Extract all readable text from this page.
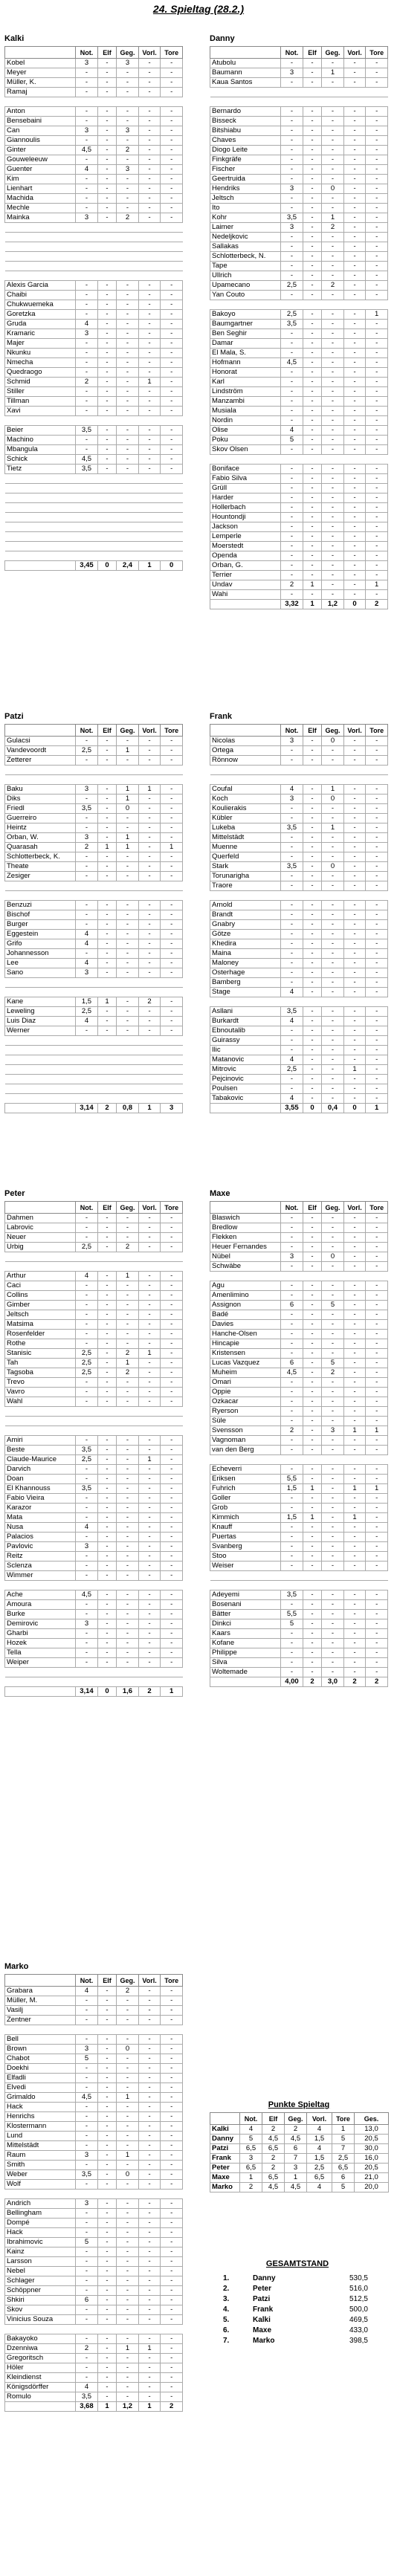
24. Spieltag (28.2.)
Kalki
	Not.	Elf	Geg.	Vorl.	Tore
Kobel	3	-	3	-	-
Meyer	-	-	-	-	-
Müller, K.	-	-	-	-	-
Ramaj	-	-	-	-	-

Anton	-	-	-	-	-
Bensebaini	-	-	-	-	-
Can	3	-	3	-	-
Giannoulis	-	-	-	-	-
Ginter	4,5	-	2	-	-
Gouweleeuw	-	-	-	-	-
Guenter	4	-	3	-	-
Kim	-	-	-	-	-
Lienhart	-	-	-	-	-
Machida	-	-	-	-	-
Mechle	-	-	-	-	-
Mainka	3	-	2	-	-

Alexis Garcia	-	-	-	-	-
Chaibi	-	-	-	-	-
Chukwuemeka	-	-	-	-	-
Goretzka	-	-	-	-	-
Gruda	4	-	-	-	-
Kramaric	3	-	-	-	-
Majer	-	-	-	-	-
Nkunku	-	-	-	-	-
Nmecha	-	-	-	-	-
Quedraogo	-	-	-	-	-
Schmid	2	-	-	1	-
Stiller	-	-	-	-	-
Tillman	-	-	-	-	-
Xavi	-	-	-	-	-

Beier	3,5	-	-	-	-
Machino	-	-	-	-	-
Mbangula	-	-	-	-	-
Schick	4,5	-	-	-	-
Tietz	3,5	-	-	-	-

	3,45	0	2,4	1	0
Danny
	Not.	Elf	Geg.	Vorl.	Tore
Atubolu	-	-	-	-	-
Baumann	3	-	1	-	-
Kaua Santos	-	-	-	-	-

Bernardo	-	-	-	-	-
Bisseck	-	-	-	-	-
Bitshiabu	-	-	-	-	-
Chaves	-	-	-	-	-
Diogo Leite	-	-	-	-	-
Finkgräfe	-	-	-	-	-
Fischer	-	-	-	-	-
Geertruida	-	-	-	-	-
Hendriks	3	-	0	-	-
Jeltsch	-	-	-	-	-
Ito	-	-	-	-	-
Kohr	3,5	-	1	-	-
Laimer	3	-	2	-	-
Nedeljkovic	-	-	-	-	-
Sallakas	-	-	-	-	-
Schlotterbeck, N.	-	-	-	-	-
Tape	-	-	-	-	-
Ullrich	-	-	-	-	-
Upamecano	2,5	-	2	-	-
Yan Couto	-	-	-	-	-

Bakoyo	2,5	-	-	-	1
Baumgartner	3,5	-	-	-	-
Ben Seghir	-	-	-	-	-
Damar	-	-	-	-	-
El Mala, S.	-	-	-	-	-
Hofmann	4,5	-	-	-	-
Honorat	-	-	-	-	-
Karl	-	-	-	-	-
Lindström	-	-	-	-	-
Manzambi	-	-	-	-	-
Musiala	-	-	-	-	-
Nordin	-	-	-	-	-
Olise	4	-	-	-	-
Poku	5	-	-	-	-
Skov Olsen	-	-	-	-	-

Boniface	-	-	-	-	-
Fabio Silva	-	-	-	-	-
Grüll	-	-	-	-	-
Harder	-	-	-	-	-
Hollerbach	-	-	-	-	-
Hountondji	-	-	-	-	-
Jackson	-	-	-	-	-
Lemperle	-	-	-	-	-
Moerstedt	-	-	-	-	-
Openda	-	-	-	-	-
Orban, G.	-	-	-	-	-
Terrier	-	-	-	-	-
Undav	2	1	-	-	1
Wahi	-	-	-	-	-
	3,32	1	1,2	0	2
Patzi
	Not.	Elf	Geg.	Vorl.	Tore
Gulacsi	-	-	-	-	-
Vandevoordt	2,5	-	1	-	-
Zetterer	-	-	-	-	-

Baku	3	-	1	1	-
Diks	-	-	1	-	-
Friedl	3,5	-	0	-	-
Guerreiro	-	-	-	-	-
Heintz	-	-	-	-	-
Orban, W.	3	-	1	-	-
Quarasah	2	1	1	-	1
Schlotterbeck, K.	-	-	-	-	-
Theate	-	-	-	-	-
Zesiger	-	-	-	-	-

Benzuzi	-	-	-	-	-
Bischof	-	-	-	-	-
Burger	-	-	-	-	-
Eggestein	4	-	-	-	-
Grifo	4	-	-	-	-
Johannesson	-	-	-	-	-
Lee	4	-	-	-	-
Sano	3	-	-	-	-

Kane	1,5	1	-	2	-
Leweling	2,5	-	-	-	-
Luis Diaz	4	-	-	-	-
Werner	-	-	-	-	-

	3,14	2	0,8	1	3
Frank
	Not.	Elf	Geg.	Vorl.	Tore
Nicolas	3	-	0	-	-
Ortega	-	-	-	-	-
Rönnow	-	-	-	-	-

Coufal	4	-	1	-	-
Koch	3	-	0	-	-
Koulierakis	-	-	-	-	-
Kübler	-	-	-	-	-
Lukeba	3,5	-	1	-	-
Mittelstädt	-	-	-	-	-
Muenne	-	-	-	-	-
Querfeld	-	-	-	-	-
Stark	3,5	-	0	-	-
Torunarigha	-	-	-	-	-
Traore	-	-	-	-	-

Arnold	-	-	-	-	-
Brandt	-	-	-	-	-
Gnabry	-	-	-	-	-
Götze	-	-	-	-	-
Khedira	-	-	-	-	-
Maina	-	-	-	-	-
Maloney	-	-	-	-	-
Osterhage	-	-	-	-	-
Bamberg	-	-	-	-	-
Stage	4	-	-	-	-

Asllani	3,5	-	-	-	-
Burkardt	4	-	-	-	-
Ebnoutalib	-	-	-	-	-
Guirassy	-	-	-	-	-
Ilic	-	-	-	-	-
Matanovic	4	-	-	-	-
Mitrovic	2,5	-	-	1	-
Pejcinovic	-	-	-	-	-
Poulsen	-	-	-	-	-
Tabakovic	4	-	-	-	-
	3,55	0	0,4	0	1
Peter
	Not.	Elf	Geg.	Vorl.	Tore
Dahmen	-	-	-	-	-
Labrovic	-	-	-	-	-
Neuer	-	-	-	-	-
Urbig	2,5	-	2	-	-

Arthur	4	-	1	-	-
Caci	-	-	-	-	-
Collins	-	-	-	-	-
Gimber	-	-	-	-	-
Jeltsch	-	-	-	-	-
Matsima	-	-	-	-	-
Rosenfelder	-	-	-	-	-
Rothe	-	-	-	-	-
Stanisic	2,5	-	2	1	-
Tah	2,5	-	1	-	-
Tagsoba	2,5	-	2	-	-
Trevo	-	-	-	-	-
Vavro	-	-	-	-	-
Wahl	-	-	-	-	-

Amiri	-	-	-	-	-
Beste	3,5	-	-	-	-
Claude-Maurice	2,5	-	-	1	-
Darvich	-	-	-	-	-
Doan	-	-	-	-	-
El Khannouss	3,5	-	-	-	-
Fabio Vieira	-	-	-	-	-
Karazor	-	-	-	-	-
Mata	-	-	-	-	-
Nusa	4	-	-	-	-
Palacios	-	-	-	-	-
Pavlovic	3	-	-	-	-
Reitz	-	-	-	-	-
Sclenza	-	-	-	-	-
Wimmer	-	-	-	-	-

Ache	4,5	-	-	-	-
Amoura	-	-	-	-	-
Burke	-	-	-	-	-
Demirovic	3	-	-	-	-
Gharbi	-	-	-	-	-
Hozek	-	-	-	-	-
Tella	-	-	-	-	-
Weiper	-	-	-	-	-

	3,14	0	1,6	2	1
Maxe
	Not.	Elf	Geg.	Vorl.	Tore
Blaswich	-	-	-	-	-
Bredlow	-	-	-	-	-
Flekken	-	-	-	-	-
Heuer Fernandes	-	-	-	-	-
Nübel	3	-	0	-	-
Schwäbe	-	-	-	-	-

Agu	-	-	-	-	-
Amenlimino	-	-	-	-	-
Assignon	6	-	5	-	-
Badé	-	-	-	-	-
Davies	-	-	-	-	-
Hanche-Olsen	-	-	-	-	-
Hincapie	-	-	-	-	-
Kristensen	-	-	-	-	-
Lucas Vazquez	6	-	5	-	-
Muheim	4,5	-	2	-	-
Omari	-	-	-	-	-
Oppie	-	-	-	-	-
Ozkacar	-	-	-	-	-
Ryerson	-	-	-	-	-
Süle	-	-	-	-	-
Svensson	2	-	3	1	1
Vagnoman	-	-	-	-	-
van den Berg	-	-	-	-	-

Echeverri	-	-	-	-	-
Eriksen	5,5	-	-	-	-
Fuhrich	1,5	1	-	1	1
Goller	-	-	-	-	-
Grob	-	-	-	-	-
Kimmich	1,5	1	-	1	-
Knauff	-	-	-	-	-
Puertas	-	-	-	-	-
Svanberg	-	-	-	-	-
Stoo	-	-	-	-	-
Weiser	-	-	-	-	-

Adeyemi	3,5	-	-	-	-
Bosenani	-	-	-	-	-
Bätter	5,5	-	-	-	-
Dinkci	5	-	-	-	-
Kaars	-	-	-	-	-
Kofane	-	-	-	-	-
Philippe	-	-	-	-	-
Silva	-	-	-	-	-
Woltemade	-	-	-	-	-
	4,00	2	3,0	2	2
Marko
	Not.	Elf	Geg.	Vorl.	Tore
Grabara	4	-	2	-	-
Müller, M.	-	-	-	-	-
Vasilj	-	-	-	-	-
Zentner	-	-	-	-	-

Bell	-	-	-	-	-
Brown	3	-	0	-	-
Chabot	5	-	-	-	-
Doekhi	-	-	-	-	-
Elfadli	-	-	-	-	-
Elvedi	-	-	-	-	-
Grimaldo	4,5	-	1	-	-
Hack	-	-	-	-	-
Henrichs	-	-	-	-	-
Klostermann	-	-	-	-	-
Lund	-	-	-	-	-
Mittelstädt	-	-	-	-	-
Raum	3	-	1	-	-
Smith	-	-	-	-	-
Weber	3,5	-	0	-	-
Wolf	-	-	-	-	-

Andrich	3	-	-	-	-
Bellingham	-	-	-	-	-
Dompé	-	-	-	-	-
Hack	-	-	-	-	-
Ibrahimovic	5	-	-	-	-
Kainz	-	-	-	-	-
Larsson	-	-	-	-	-
Nebel	-	-	-	-	-
Schlager	-	-	-	-	-
Schöppner	-	-	-	-	-
Shkiri	6	-	-	-	-
Skov	-	-	-	-	-
Vinicius Souza	-	-	-	-	-

Bakayoko	-	-	-	-	-
Dzenniwa	2	-	1	1	-
Gregoritsch	-	-	-	-	-
Höler	-	-	-	-	-
Kleindienst	-	-	-	-	-
Königsdörffer	4	-	-	-	-
Romulo	3,5	-	-	-	-
	3,68	1	1,2	1	2
Punkte Spieltag
	Not.	Elf	Geg.	Vorl.	Tore	Ges.
Kalki	4	2	2	4	1	13,0
Danny	5	4,5	4,5	1,5	5	20,5
Patzi	6,5	6,5	6	4	7	30,0
Frank	3	2	7	1,5	2,5	16,0
Peter	6,5	2	3	2,5	6,5	20,5
Maxe	1	6,5	1	6,5	6	21,0
Marko	2	4,5	4,5	4	5	20,0
GESAMTSTAND
1.	Danny	530,5
2.	Peter	516,0
3.	Patzi	512,5
4.	Frank	500,0
5.	Kalki	469,5
6.	Maxe	433,0
7.	Marko	398,5
